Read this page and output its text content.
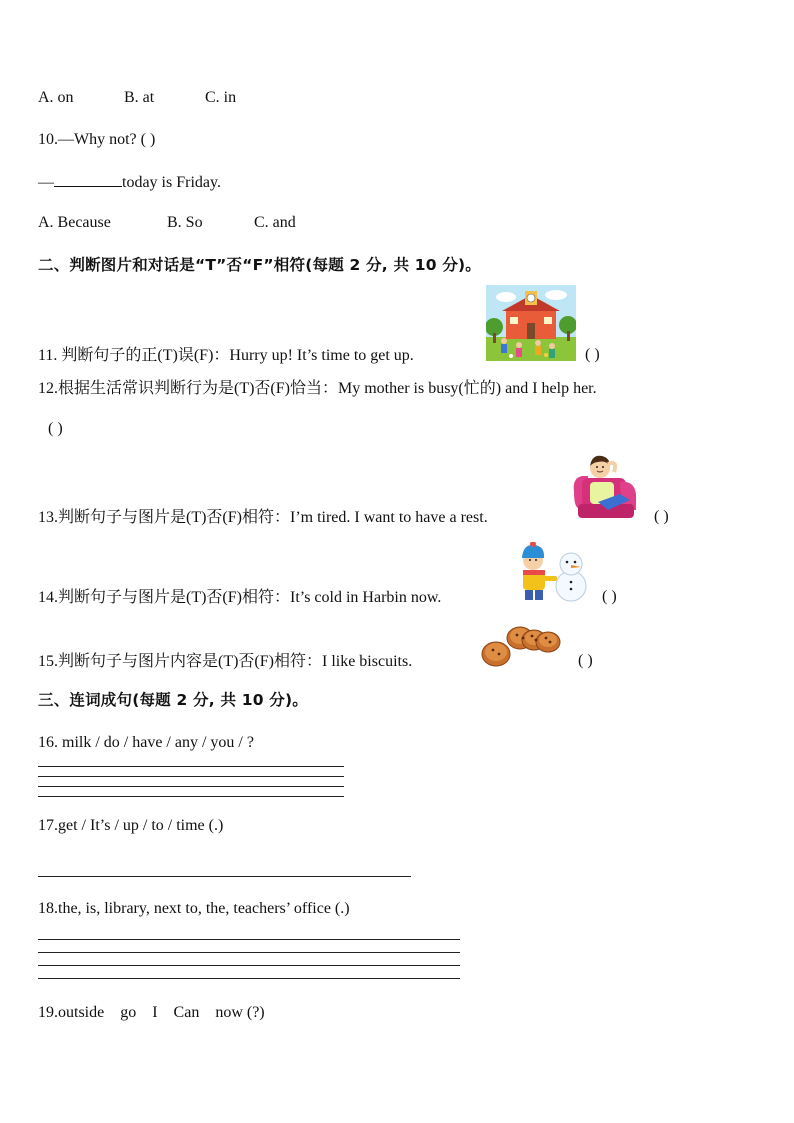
A. on	B. at	C. in
10.—Why not? ( )
—	today is Friday.
A. Because	B. So	C. and
二、判断图片和对话是“T”否“F”相符(每题 2 分, 共 10 分)。
11. 判断句子的正(T)误(F)：Hurry up! It’s time to get up.	( )
12.根据生活常识判断行为是(T)否(F)恰当：My mother is busy(忙的) and I help her.
( )
13.判断句子与图片是(T)否(F)相符：I’m tired. I want to have a rest.	( )
14.判断句子与图片是(T)否(F)相符：It’s cold in Harbin now.	( )
15.判断句子与图片内容是(T)否(F)相符：I like biscuits.	( )
三、连词成句(每题 2 分, 共 10 分)。
16. milk / do / have / any / you / ?
17.get / It’s / up / to / time (.)
18.the, is, library, next to, the, teachers’ office (.)
19.outside    go    I    Can    now (?)
